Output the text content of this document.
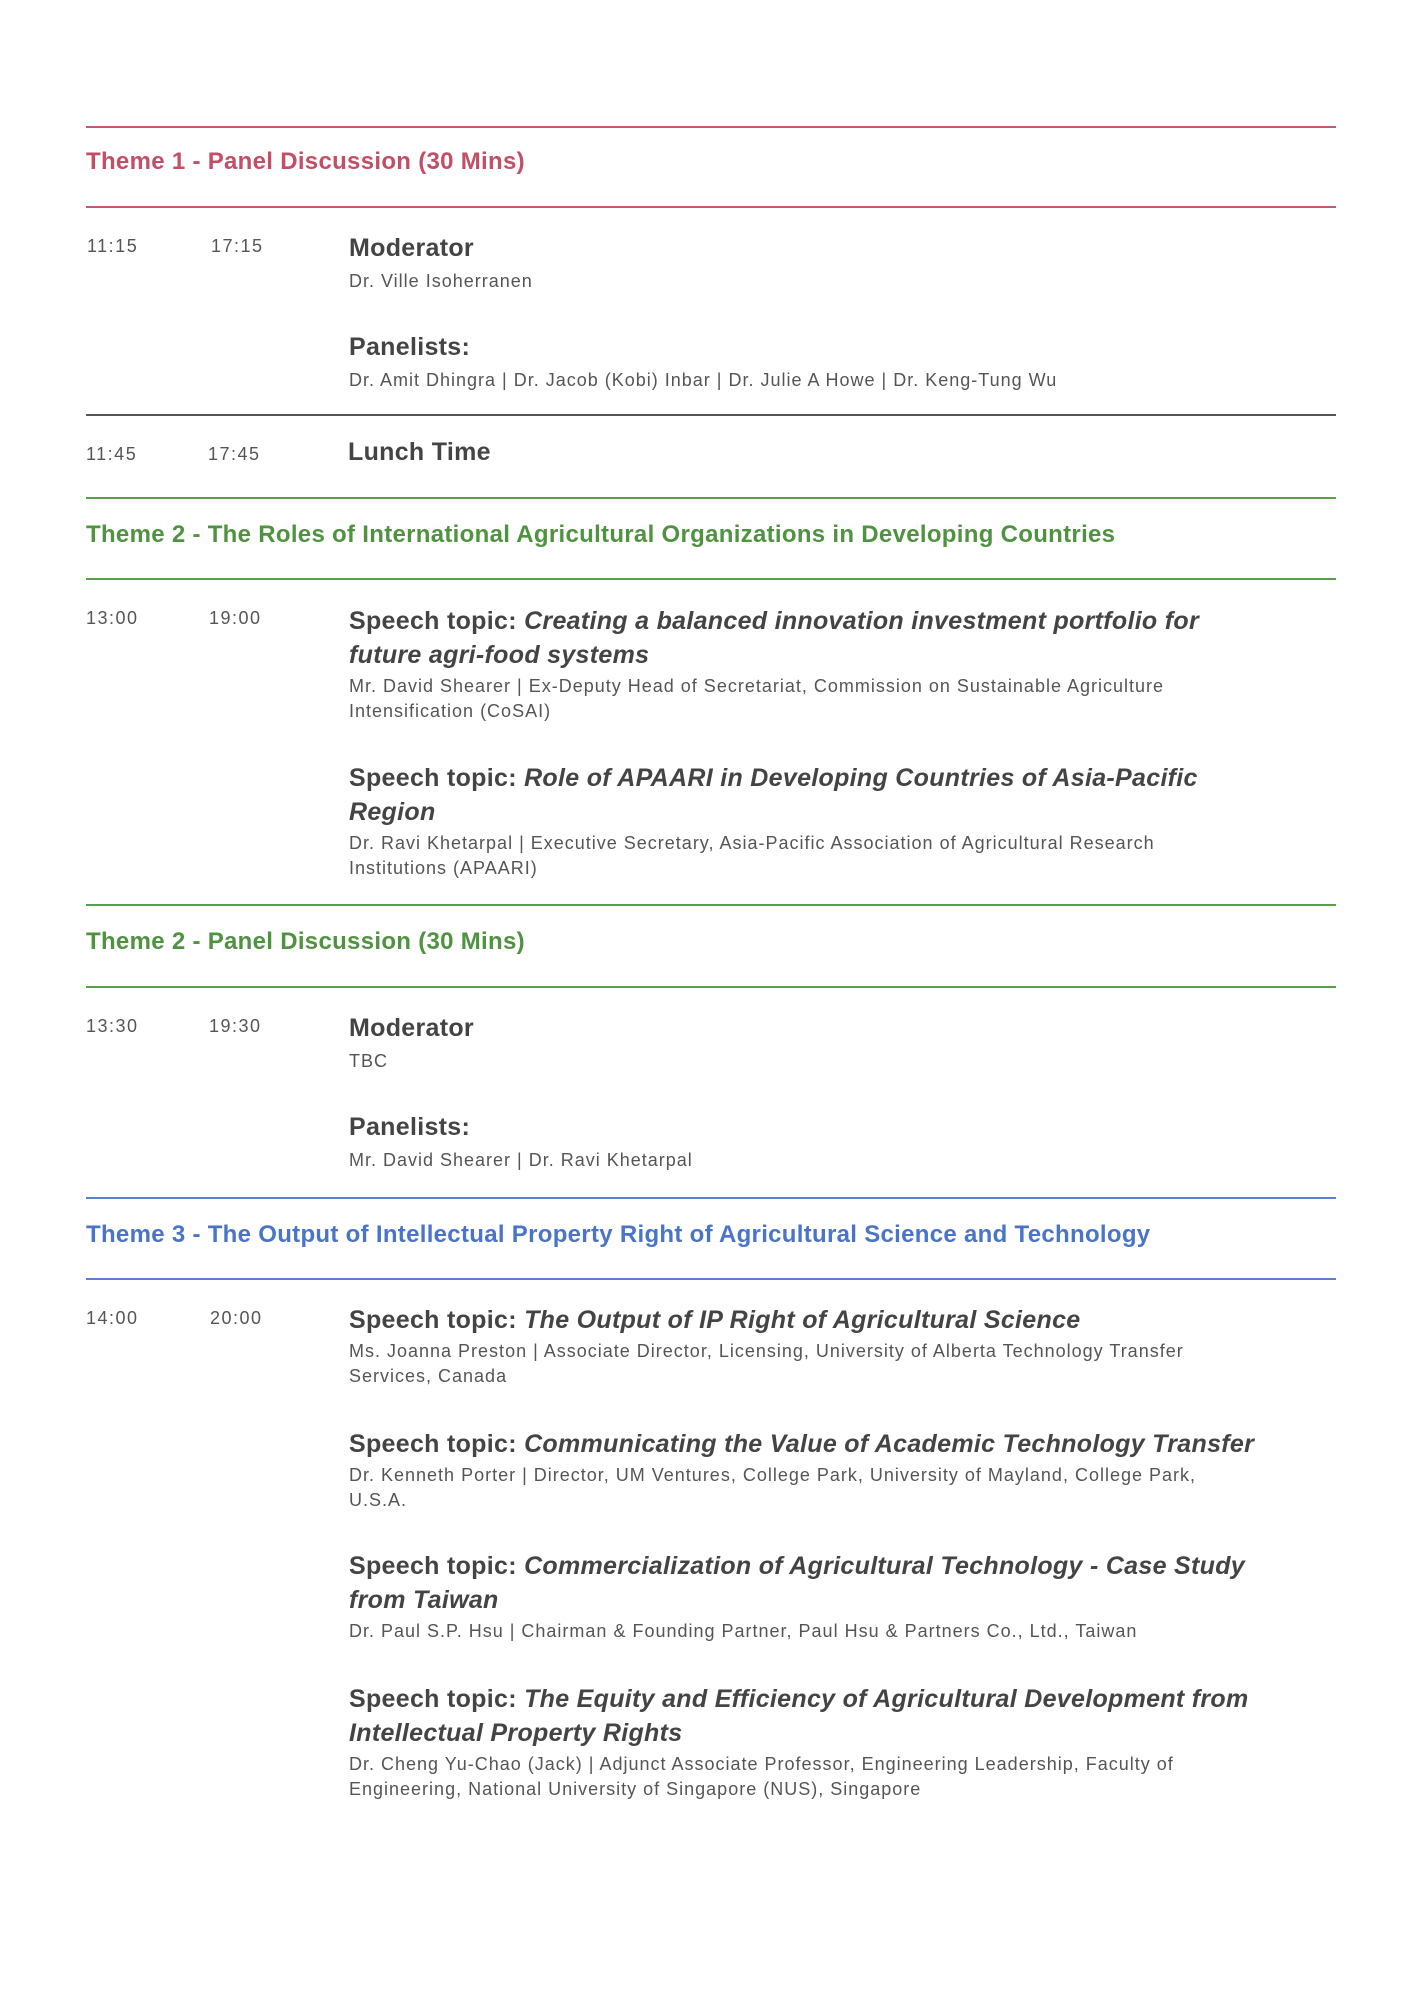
Theme 1 - Panel Discussion (30 Mins)
11:15	17:15	Moderator
Dr. Ville Isoherranen
Panelists:
Dr. Amit Dhingra | Dr. Jacob (Kobi) Inbar | Dr. Julie A Howe | Dr. Keng-Tung Wu
11:45	17:45	Lunch Time
Theme 2 - The Roles of International Agricultural Organizations in Developing Countries
13:00	19:00	Speech topic: Creating a balanced innovation investment portfolio for
future agri-food systems
Mr. David Shearer | Ex-Deputy Head of Secretariat, Commission on Sustainable Agriculture
Intensification (CoSAI)
Speech topic: Role of APAARI in Developing Countries of Asia-Pacific
Region
Dr. Ravi Khetarpal | Executive Secretary, Asia-Pacific Association of Agricultural Research
Institutions (APAARI)
Theme 2 - Panel Discussion (30 Mins)
13:30	19:30	Moderator
TBC
Panelists:
Mr. David Shearer | Dr. Ravi Khetarpal
Theme 3 - The Output of Intellectual Property Right of Agricultural Science and Technology
14:00	20:00	Speech topic: The Output of IP Right of Agricultural Science
Ms. Joanna Preston | Associate Director, Licensing, University of Alberta Technology Transfer
Services, Canada
Speech topic: Communicating the Value of Academic Technology Transfer
Dr. Kenneth Porter | Director, UM Ventures, College Park, University of Mayland, College Park,
U.S.A.
Speech topic: Commercialization of Agricultural Technology - Case Study
from Taiwan
Dr. Paul S.P. Hsu | Chairman & Founding Partner, Paul Hsu & Partners Co., Ltd., Taiwan
Speech topic: The Equity and Efficiency of Agricultural Development from
Intellectual Property Rights
Dr. Cheng Yu-Chao (Jack) | Adjunct Associate Professor, Engineering Leadership, Faculty of
Engineering, National University of Singapore (NUS), Singapore
